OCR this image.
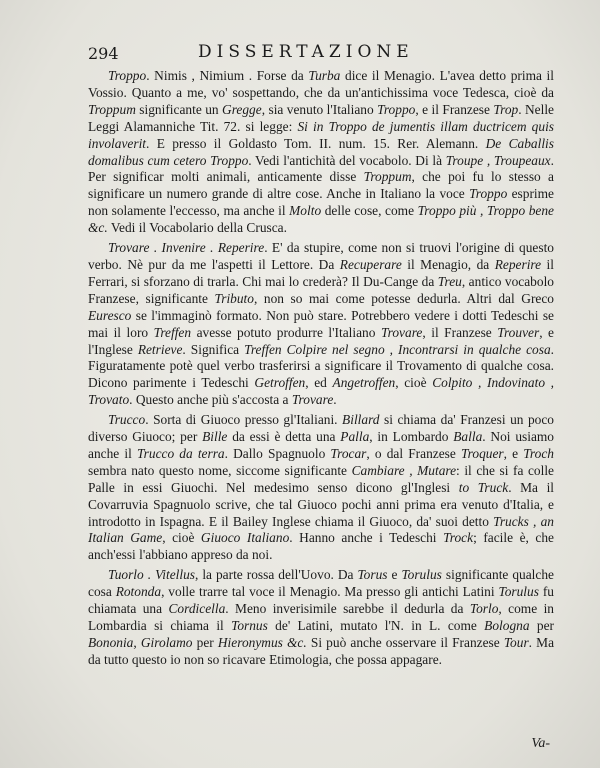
294	DISSERTAZIONE

Troppo. Nimis , Nimium . Forse da Turba dice il Menagio. L'avea detto prima il Vossio. Quanto a me, vo' sospettando, che da un'antichissima voce Tedesca, cioè da Troppum significante un Gregge, sia venuto l'Italiano Troppo, e il Franzese Trop. Nelle Leggi Alamanniche Tit. 72. si legge: Si in Troppo de jumentis illam ductricem quis involaverit. E presso il Goldasto Tom. II. num. 15. Rer. Alemann. De Caballis domalibus cum cetero Troppo. Vedi l'antichità del vocabolo. Di là Troupe , Troupeaux. Per significar molti animali, anticamente disse Troppum, che poi fu lo stesso a significare un numero grande di altre cose. Anche in Italiano la voce Troppo esprime non solamente l'eccesso, ma anche il Molto delle cose, come Troppo più , Troppo bene &c. Vedi il Vocabolario della Crusca.

Trovare . Invenire . Reperire. E' da stupire, come non si truovi l'origine di questo verbo. Nè pur da me l'aspetti il Lettore. Da Recuperare il Menagio, da Reperire il Ferrari, si sforzano di trarla. Chi mai lo crederà? Il Du-Cange da Treu, antico vocabolo Franzese, significante Tributo, non so mai come potesse dedurla. Altri dal Greco Euresco se l'immaginò formato. Non può stare. Potrebbero vedere i dotti Tedeschi se mai il loro Treffen avesse potuto produrre l'Italiano Trovare, il Franzese Trouver, e l'Inglese Retrieve. Significa Treffen Colpire nel segno , Incontrarsi in qualche cosa. Figuratamente potè quel verbo trasferirsi a significare il Trovamento di qualche cosa. Dicono parimente i Tedeschi Getroffen, ed Angetroffen, cioè Colpito , Indovinato , Trovato. Questo anche più s'accosta a Trovare.

Trucco. Sorta di Giuoco presso gl'Italiani. Billard si chiama da' Franzesi un poco diverso Giuoco; per Bille da essi è detta una Palla, in Lombardo Balla. Noi usiamo anche il Trucco da terra. Dallo Spagnuolo Trocar, o dal Franzese Troquer, e Troch sembra nato questo nome, siccome significante Cambiare , Mutare: il che si fa colle Palle in essi Giuochi. Nel medesimo senso dicono gl'Inglesi to Truck. Ma il Covarruvia Spagnuolo scrive, che tal Giuoco pochi anni prima era venuto d'Italia, e introdotto in Ispagna. E il Bailey Inglese chiama il Giuoco, da' suoi detto Trucks , an Italian Game, cioè Giuoco Italiano. Hanno anche i Tedeschi Trock; facile è, che anch'essi l'abbiano appreso da noi.

Tuorlo . Vitellus, la parte rossa dell'Uovo. Da Torus e Torulus significante qualche cosa Rotonda, volle trarre tal voce il Menagio. Ma presso gli antichi Latini Torulus fu chiamata una Cordicella. Meno inverisimile sarebbe il dedurla da Torlo, come in Lombardia si chiama il Tornus de' Latini, mutato l'N. in L. come Bologna per Bononia, Girolamo per Hieronymus &c. Si può anche osservare il Franzese Tour. Ma da tutto questo io non so ricavare Etimologia, che possa appagare.

Va-
